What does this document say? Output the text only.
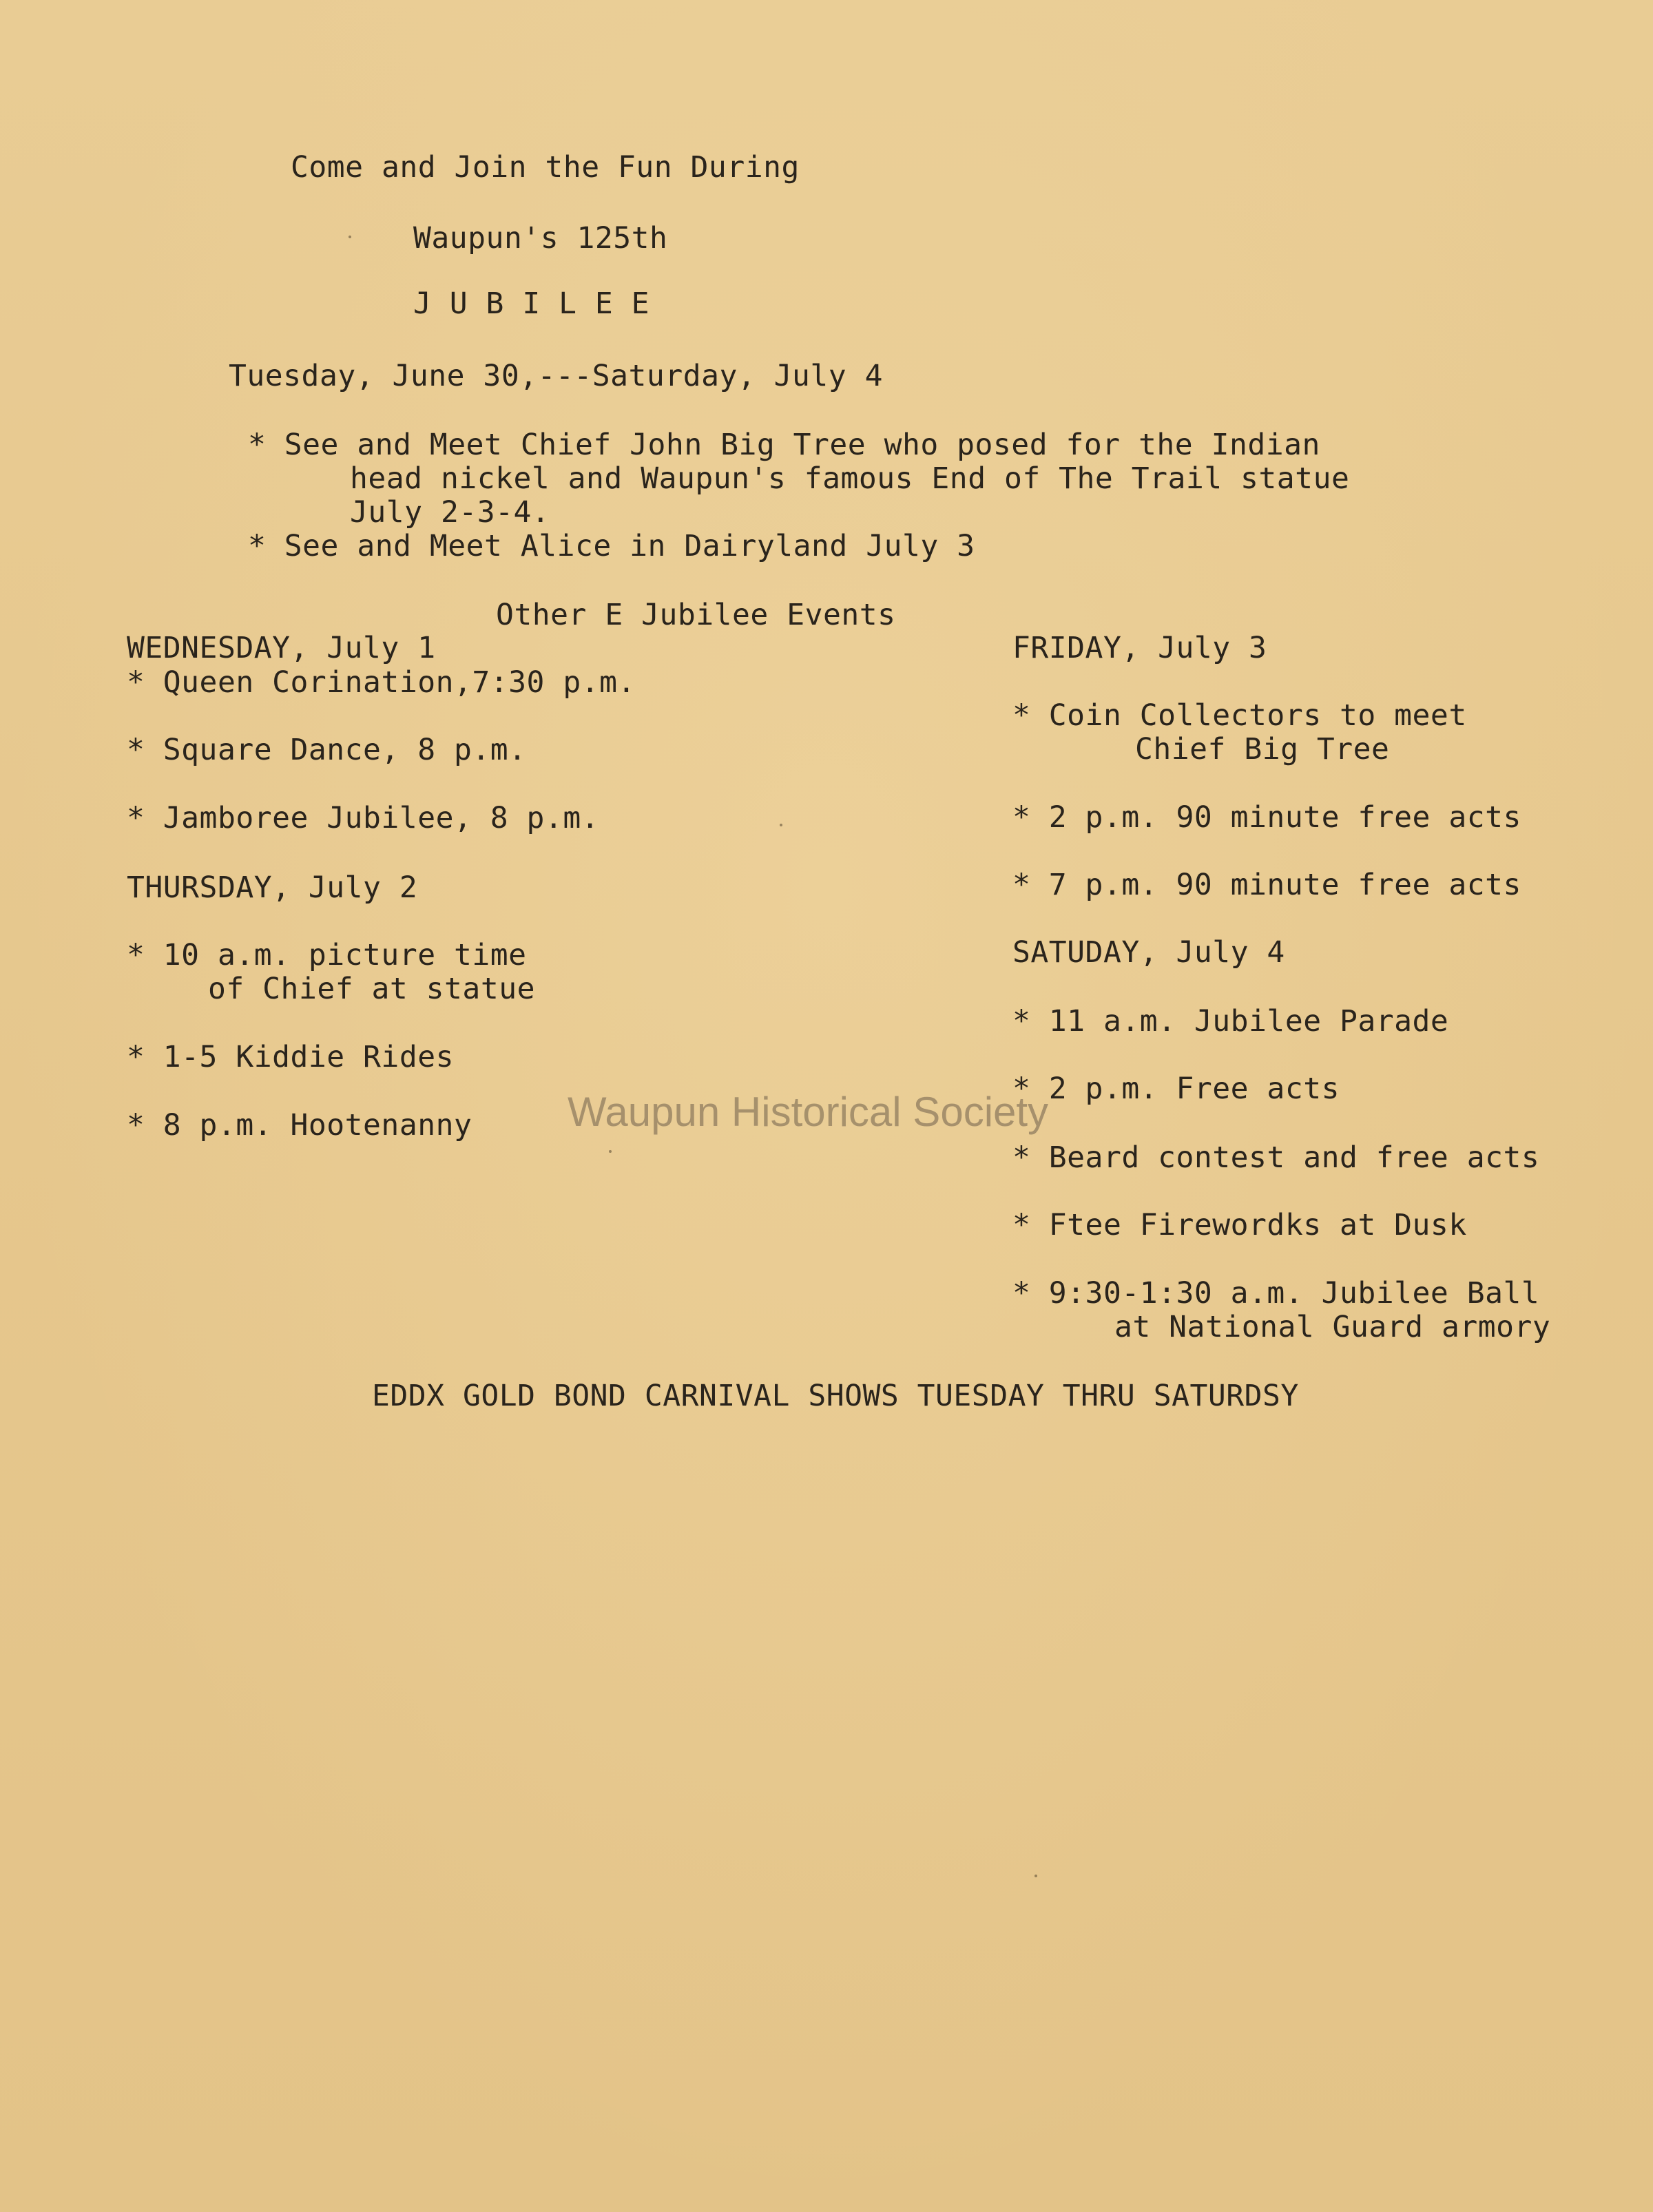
Come and Join the Fun During
Waupun's 125th
J U B I L E E
Tuesday, June 30,---Saturday, July 4
* See and Meet Chief John Big Tree who posed for the Indian
head nickel and Waupun's famous End of The Trail statue
July 2-3-4.
* See and Meet Alice in Dairyland July 3
Other E Jubilee Events
WEDNESDAY, July 1
* Queen Corination,7:30 p.m.
* Square Dance, 8 p.m.
* Jamboree Jubilee, 8 p.m.
THURSDAY, July 2
* 10 a.m. picture time
of Chief at statue
* 1-5 Kiddie Rides
* 8 p.m. Hootenanny
FRIDAY, July 3
* Coin Collectors to meet
Chief Big Tree
* 2 p.m. 90 minute free acts
* 7 p.m. 90 minute free acts
SATUDAY, July 4
* 11 a.m. Jubilee Parade
* 2 p.m. Free acts
* Beard contest and free acts
* Ftee Firewordks at Dusk
* 9:30-1:30 a.m. Jubilee Ball
at National Guard armory
EDDX GOLD BOND CARNIVAL SHOWS TUESDAY THRU SATURDSY
Waupun Historical Society
